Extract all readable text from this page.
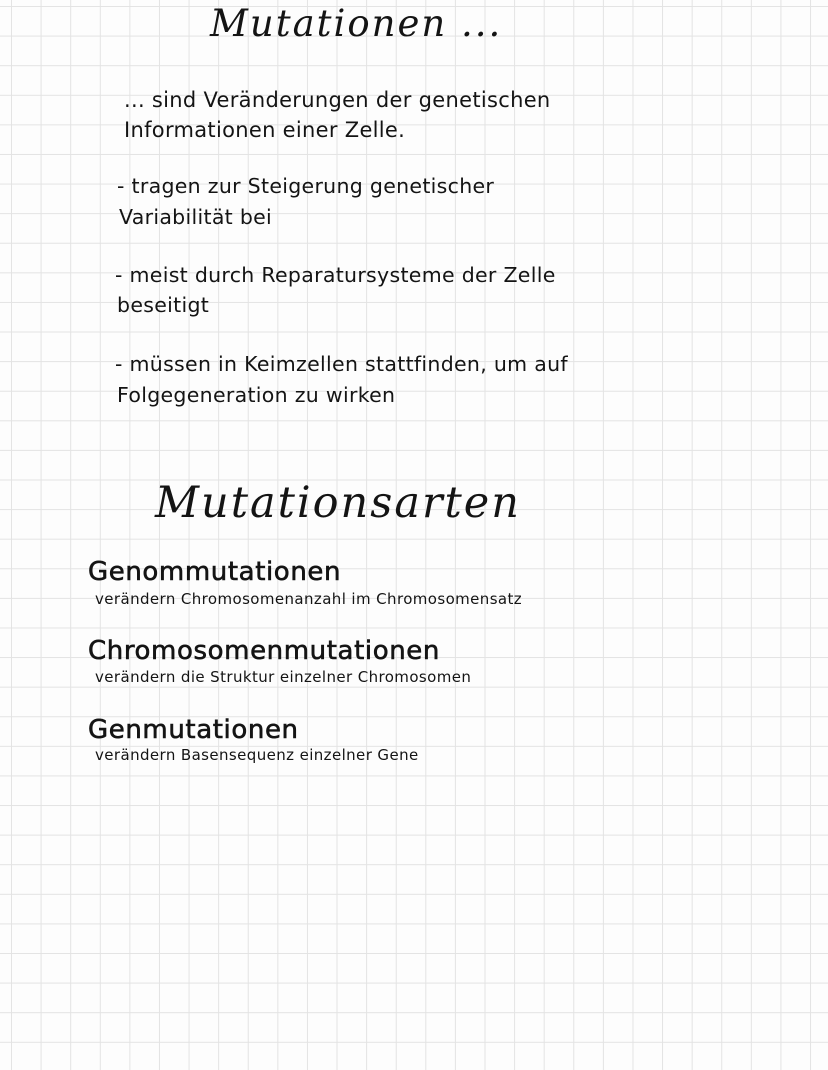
Mutationen ...

... sind Veränderungen der genetischen

Informationen einer Zelle.

- tragen zur Steigerung genetischer

Variabilität bei

- meist durch Reparatursysteme der Zelle

beseitigt

- müssen in Keimzellen stattfinden, um auf

Folgegeneration zu wirken

Mutationsarten

Genommutationen

verändern Chromosomenanzahl im Chromosomensatz

Chromosomenmutationen

verändern die Struktur einzelner Chromosomen

Genmutationen

verändern Basensequenz einzelner Gene
